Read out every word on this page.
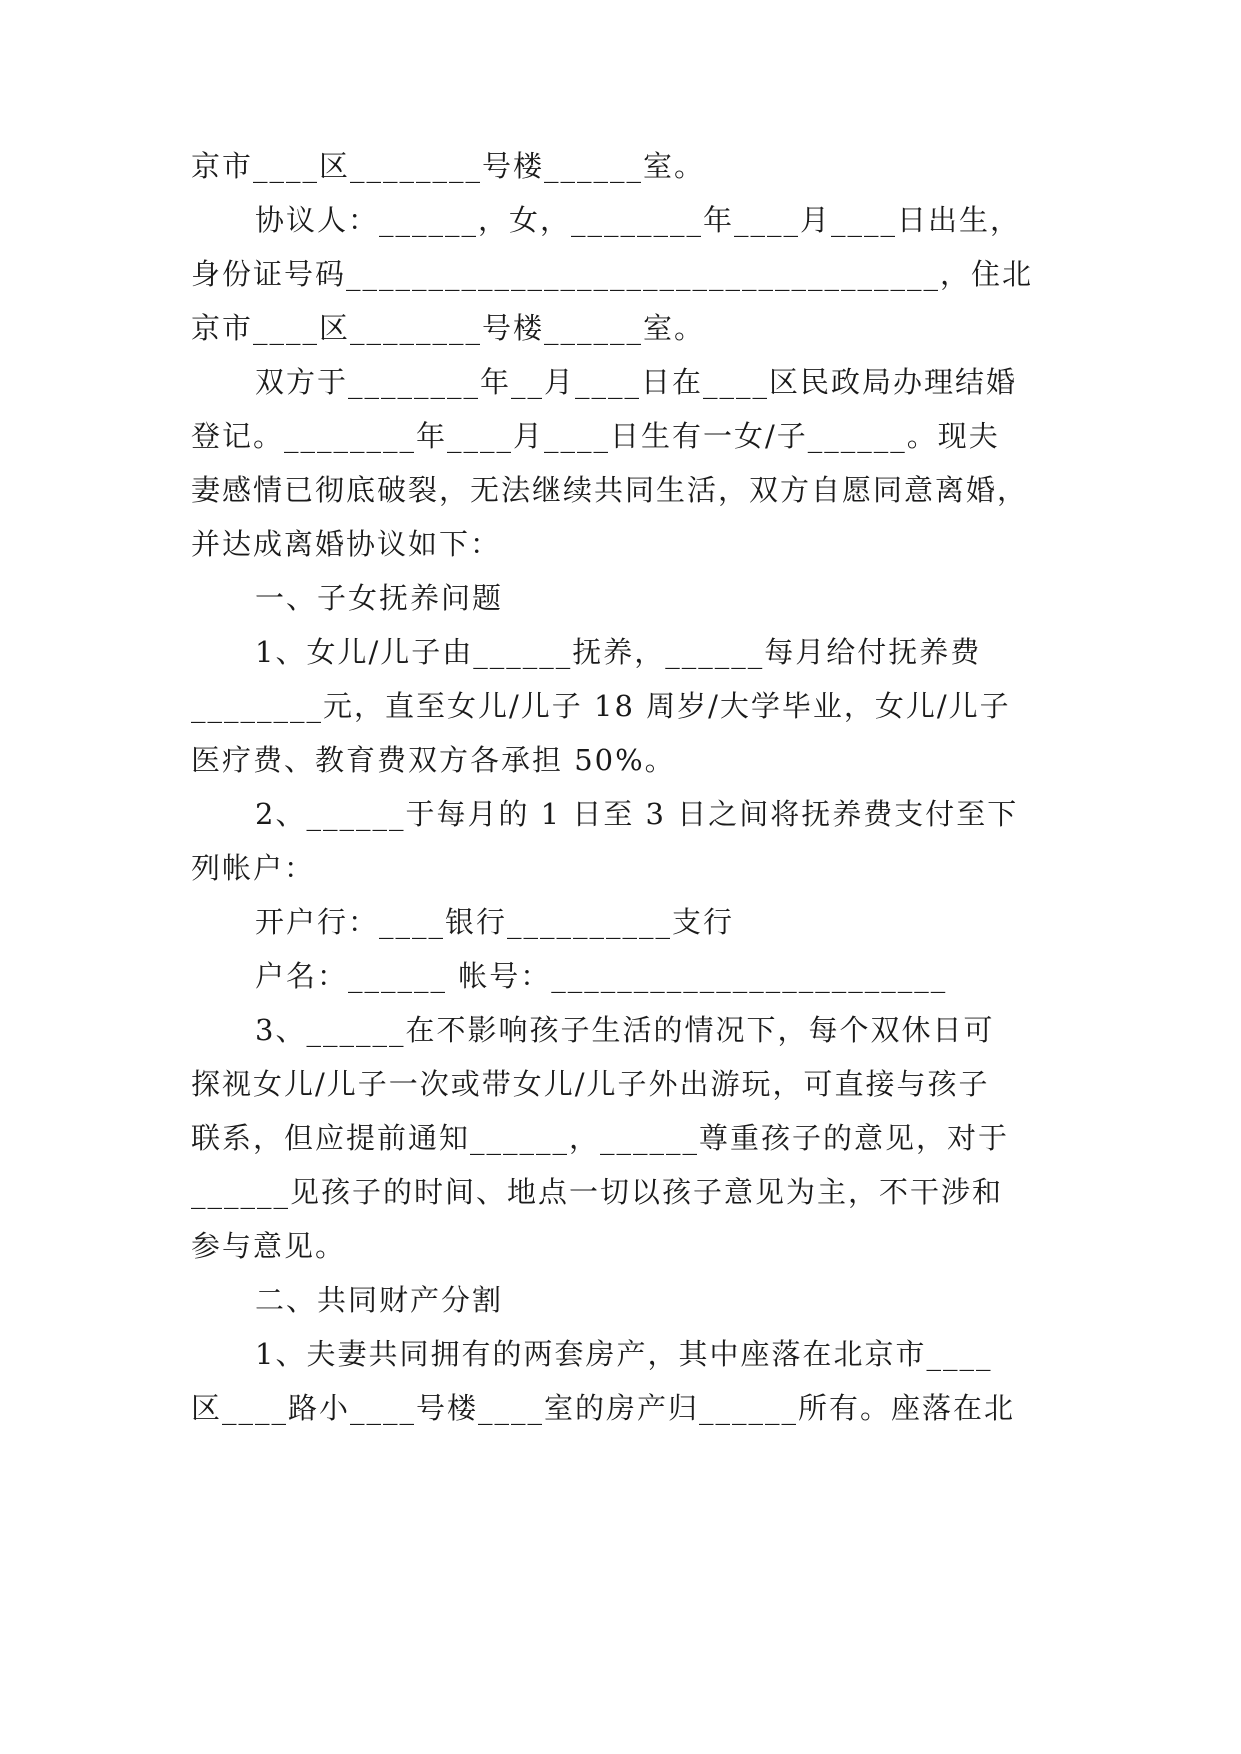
京市____区________号楼______室。
协议人：______，女，________年____月____日出生，
身份证号码____________________________________，住北
京市____区________号楼______室。
双方于________年__月____日在____区民政局办理结婚
登记。________年____月____日生有一女/子______。现夫
妻感情已彻底破裂，无法继续共同生活，双方自愿同意离婚，
并达成离婚协议如下：
一、子女抚养问题
1、女儿/儿子由______抚养，______每月给付抚养费
________元，直至女儿/儿子 18 周岁/大学毕业，女儿/儿子
医疗费、教育费双方各承担 50%。
2、______于每月的 1 日至 3 日之间将抚养费支付至下
列帐户：
开户行：____银行__________支行
户名：______ 帐号：________________________
3、______在不影响孩子生活的情况下，每个双休日可
探视女儿/儿子一次或带女儿/儿子外出游玩，可直接与孩子
联系，但应提前通知______，______尊重孩子的意见，对于
______见孩子的时间、地点一切以孩子意见为主，不干涉和
参与意见。
二、共同财产分割
1、夫妻共同拥有的两套房产，其中座落在北京市____
区____路小____号楼____室的房产归______所有。座落在北
